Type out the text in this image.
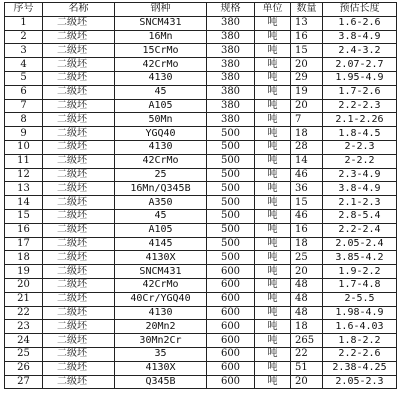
序号	名称	钢种	规格	单位	数量	预估长度
1	二级坯	SNCM431	380	吨	13	1.6-2.6
2	二级坯	16Mn	380	吨	16	3.8-4.9
3	二级坯	15CrMo	380	吨	15	2.4-3.2
4	二级坯	42CrMo	380	吨	20	2.07-2.7
5	二级坯	4130	380	吨	29	1.95-4.9
6	二级坯	45	380	吨	19	1.7-2.6
7	二级坯	A105	380	吨	20	2.2-2.3
8	二级坯	50Mn	380	吨	7	2.1-2.26
9	二级坯	YGQ40	500	吨	18	1.8-4.5
10	二级坯	4130	500	吨	28	2-2.3
11	二级坯	42CrMo	500	吨	14	2-2.2
12	二级坯	25	500	吨	46	2.3-4.9
13	二级坯	16Mn/Q345B	500	吨	36	3.8-4.9
14	二级坯	A350	500	吨	15	2.1-2.3
15	二级坯	45	500	吨	46	2.8-5.4
16	二级坯	A105	500	吨	16	2.2-2.4
17	二级坯	4145	500	吨	18	2.05-2.4
18	二级坯	4130X	500	吨	25	3.85-4.2
19	二级坯	SNCM431	600	吨	20	1.9-2.2
20	二级坯	42CrMo	600	吨	48	1.7-4.8
21	二级坯	40Cr/YGQ40	600	吨	48	2-5.5
22	二级坯	4130	600	吨	48	1.98-4.9
23	二级坯	20Mn2	600	吨	18	1.6-4.03
24	二级坯	30Mn2Cr	600	吨	265	1.8-2.2
25	二级坯	35	600	吨	22	2.2-2.6
26	二级坯	4130X	600	吨	51	2.38-4.25
27	二级坯	Q345B	600	吨	20	2.05-2.3
